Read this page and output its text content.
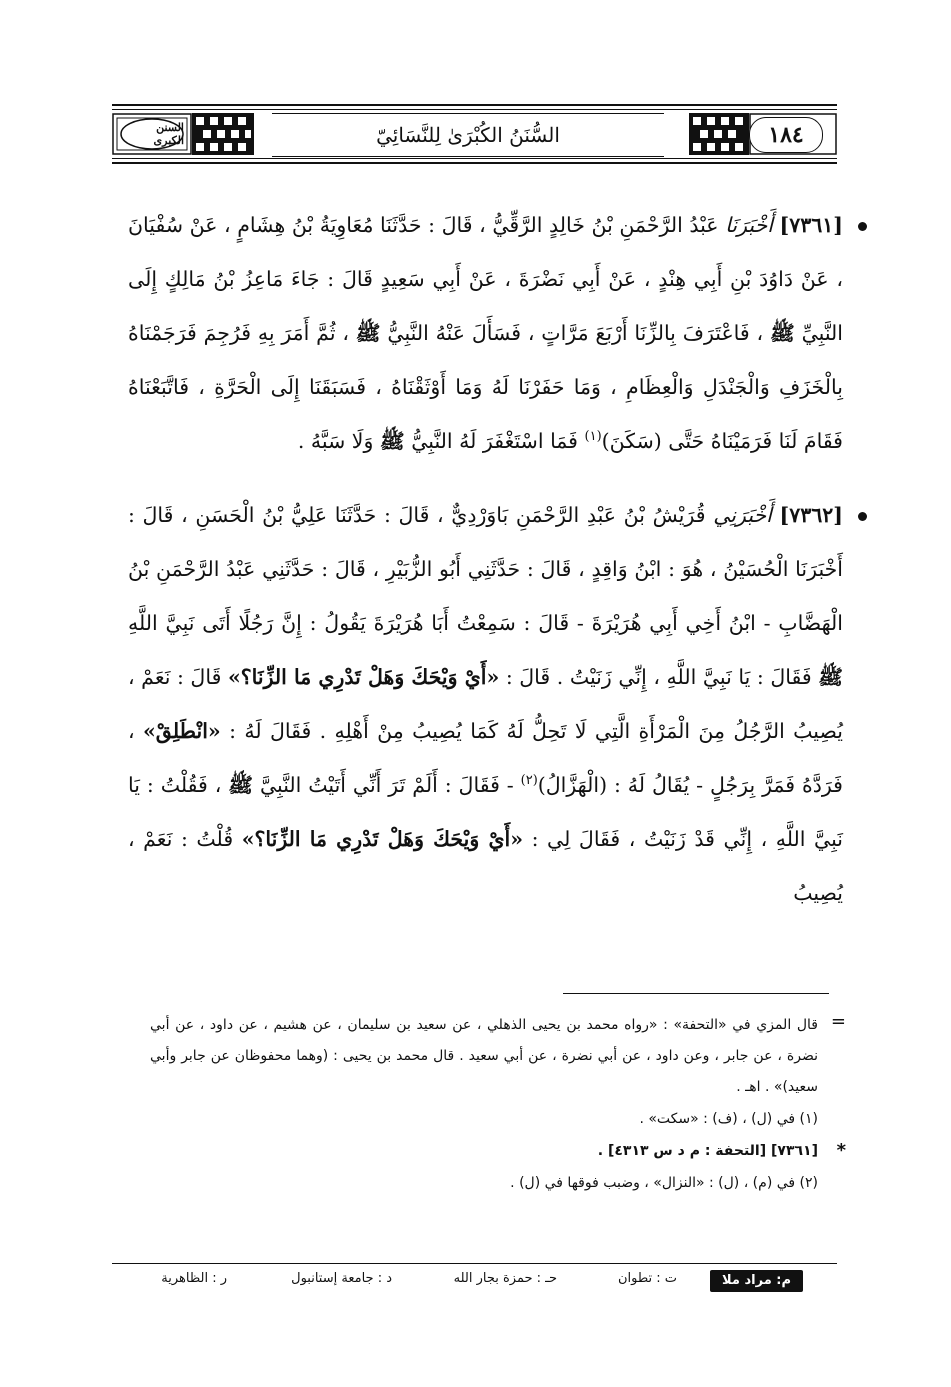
السنن الكبرى	السُّنَنُ الكُبْرَىٰ لِلنَّسَائِيّ	١٨٤
[٧٣٦١] أَخْبَرَنَا عَبْدُ الرَّحْمَنِ بْنُ خَالِدٍ الرَّقِّيُّ ، قَالَ : حَدَّثَنَا مُعَاوِيَةُ بْنُ هِشَامٍ ، عَنْ سُفْيَانَ ، عَنْ دَاوُدَ بْنِ أَبِي هِنْدٍ ، عَنْ أَبِي نَضْرَةَ ، عَنْ أَبِي سَعِيدٍ قَالَ : جَاءَ مَاعِزُ بْنُ مَالِكٍ إِلَى النَّبِيِّ ﷺ ، فَاعْتَرَفَ بِالزِّنَا أَرْبَعَ مَرَّاتٍ ، فَسَأَلَ عَنْهُ النَّبِيُّ ﷺ ، ثُمَّ أَمَرَ بِهِ فَرُجِمَ فَرَجَمْنَاهُ بِالْخَزَفِ وَالْجَنْدَلِ وَالْعِظَامِ ، وَمَا حَفَرْنَا لَهُ وَمَا أَوْثَقْنَاهُ ، فَسَبَقَنَا إِلَى الْحَرَّةِ ، فَاتَّبَعْنَاهُ فَقَامَ لَنَا فَرَمَيْنَاهُ حَتَّى (سَكَنَ)$^{(١)}$ فَمَا اسْتَغْفَرَ لَهُ النَّبِيُّ ﷺ وَلَا سَبَّهُ .
[٧٣٦٢] أَخْبَرَنِي قُرَيْشُ بْنُ عَبْدِ الرَّحْمَنِ بَاوَرْدِيٌّ ، قَالَ : حَدَّثَنَا عَلِيُّ بْنُ الْحَسَنِ ، قَالَ : أَخْبَرَنَا الْحُسَيْنُ ، هُوَ : ابْنُ وَاقِدٍ ، قَالَ : حَدَّثَنِي أَبُو الزُّبَيْرِ ، قَالَ : حَدَّثَنِي عَبْدُ الرَّحْمَنِ بْنُ الْهَضَّابِ - ابْنُ أَخِي أَبِي هُرَيْرَةَ - قَالَ : سَمِعْتُ أَبَا هُرَيْرَةَ يَقُولُ : إِنَّ رَجُلًا أَتَى نَبِيَّ اللَّهِ ﷺ فَقَالَ : يَا نَبِيَّ اللَّهِ ، إِنِّي زَنَيْتُ . قَالَ : «أَيْ وَيْحَكَ وَهَلْ تَدْرِي مَا الزِّنَا؟» قَالَ : نَعَمْ ، يُصِيبُ الرَّجُلُ مِنَ الْمَرْأَةِ الَّتِي لَا تَحِلُّ لَهُ كَمَا يُصِيبُ مِنْ أَهْلِهِ . فَقَالَ لَهُ : «انْطَلِقْ» ، فَرَدَّهُ فَمَرَّ بِرَجُلٍ - يُقَالُ لَهُ : (الْهَزَّالُ)$^{(٢)}$ - فَقَالَ : أَلَمْ تَرَ أَنِّي أَتَيْتُ النَّبِيَّ ﷺ ، فَقُلْتُ : يَا نَبِيَّ اللَّهِ ، إِنِّي قَدْ زَنَيْتُ ، فَقَالَ لِي : «أَيْ وَيْحَكَ وَهَلْ تَدْرِي مَا الزِّنَا؟» قُلْتُ : نَعَمْ ، يُصِيبُ
=
قال المزي في «التحفة» : «رواه محمد بن يحيى الذهلي ، عن سعيد بن سليمان ، عن هشيم ، عن داود ، عن أبي نضرة ، عن جابر ، وعن داود ، عن أبي نضرة ، عن أبي سعيد . قال محمد بن يحيى : (وهما محفوظان عن جابر وأبي سعيد)» . اهـ .
(١) في (ل) ، (ف) : «سكت» .
*
[٧٣٦١] [التحفة : م د س ٤٣١٣] .
(٢) في (م) ، (ل) : «النزال» ، وضبب فوقها في (ل) .
م: مراد ملا
ت : تطوان
حـ : حمزة بجار الله
د : جامعة إستانبول
ر : الظاهرية
